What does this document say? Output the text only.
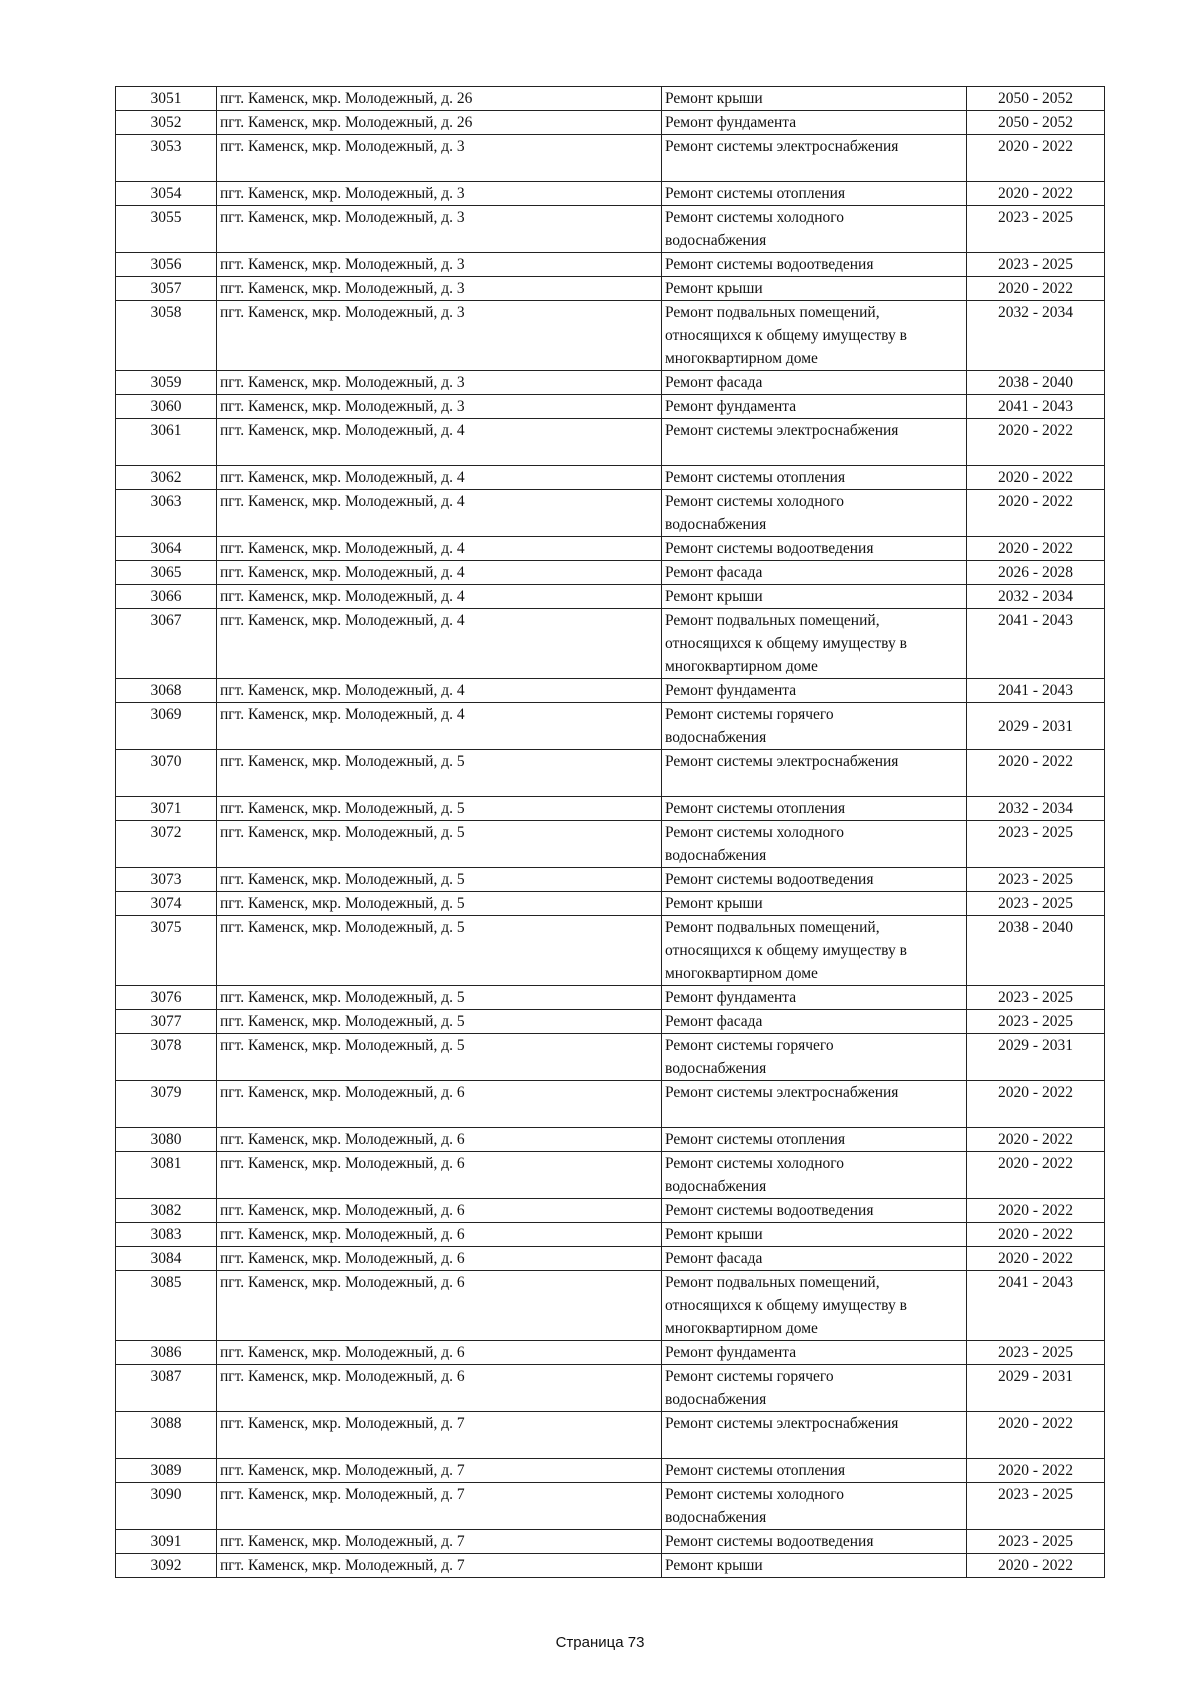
3051	пгт. Каменск, мкр. Молодежный, д. 26	Ремонт крыши	2050 - 2052
3052	пгт. Каменск, мкр. Молодежный, д. 26	Ремонт фундамента	2050 - 2052
3053	пгт. Каменск, мкр. Молодежный, д. 3	Ремонт системы электроснабжения	2020 - 2022
3054	пгт. Каменск, мкр. Молодежный, д. 3	Ремонт системы отопления	2020 - 2022
3055	пгт. Каменск, мкр. Молодежный, д. 3	Ремонт системы холодного
водоснабжения	2023 - 2025
3056	пгт. Каменск, мкр. Молодежный, д. 3	Ремонт системы водоотведения	2023 - 2025
3057	пгт. Каменск, мкр. Молодежный, д. 3	Ремонт крыши	2020 - 2022
3058	пгт. Каменск, мкр. Молодежный, д. 3	Ремонт подвальных помещений,
относящихся к общему имуществу в
многоквартирном доме	2032 - 2034
3059	пгт. Каменск, мкр. Молодежный, д. 3	Ремонт фасада	2038 - 2040
3060	пгт. Каменск, мкр. Молодежный, д. 3	Ремонт фундамента	2041 - 2043
3061	пгт. Каменск, мкр. Молодежный, д. 4	Ремонт системы электроснабжения	2020 - 2022
3062	пгт. Каменск, мкр. Молодежный, д. 4	Ремонт системы отопления	2020 - 2022
3063	пгт. Каменск, мкр. Молодежный, д. 4	Ремонт системы холодного
водоснабжения	2020 - 2022
3064	пгт. Каменск, мкр. Молодежный, д. 4	Ремонт системы водоотведения	2020 - 2022
3065	пгт. Каменск, мкр. Молодежный, д. 4	Ремонт фасада	2026 - 2028
3066	пгт. Каменск, мкр. Молодежный, д. 4	Ремонт крыши	2032 - 2034
3067	пгт. Каменск, мкр. Молодежный, д. 4	Ремонт подвальных помещений,
относящихся к общему имуществу в
многоквартирном доме	2041 - 2043
3068	пгт. Каменск, мкр. Молодежный, д. 4	Ремонт фундамента	2041 - 2043
3069	пгт. Каменск, мкр. Молодежный, д. 4	Ремонт системы горячего
водоснабжения	2029 - 2031
3070	пгт. Каменск, мкр. Молодежный, д. 5	Ремонт системы электроснабжения	2020 - 2022
3071	пгт. Каменск, мкр. Молодежный, д. 5	Ремонт системы отопления	2032 - 2034
3072	пгт. Каменск, мкр. Молодежный, д. 5	Ремонт системы холодного
водоснабжения	2023 - 2025
3073	пгт. Каменск, мкр. Молодежный, д. 5	Ремонт системы водоотведения	2023 - 2025
3074	пгт. Каменск, мкр. Молодежный, д. 5	Ремонт крыши	2023 - 2025
3075	пгт. Каменск, мкр. Молодежный, д. 5	Ремонт подвальных помещений,
относящихся к общему имуществу в
многоквартирном доме	2038 - 2040
3076	пгт. Каменск, мкр. Молодежный, д. 5	Ремонт фундамента	2023 - 2025
3077	пгт. Каменск, мкр. Молодежный, д. 5	Ремонт фасада	2023 - 2025
3078	пгт. Каменск, мкр. Молодежный, д. 5	Ремонт системы горячего
водоснабжения	2029 - 2031
3079	пгт. Каменск, мкр. Молодежный, д. 6	Ремонт системы электроснабжения	2020 - 2022
3080	пгт. Каменск, мкр. Молодежный, д. 6	Ремонт системы отопления	2020 - 2022
3081	пгт. Каменск, мкр. Молодежный, д. 6	Ремонт системы холодного
водоснабжения	2020 - 2022
3082	пгт. Каменск, мкр. Молодежный, д. 6	Ремонт системы водоотведения	2020 - 2022
3083	пгт. Каменск, мкр. Молодежный, д. 6	Ремонт крыши	2020 - 2022
3084	пгт. Каменск, мкр. Молодежный, д. 6	Ремонт фасада	2020 - 2022
3085	пгт. Каменск, мкр. Молодежный, д. 6	Ремонт подвальных помещений,
относящихся к общему имуществу в
многоквартирном доме	2041 - 2043
3086	пгт. Каменск, мкр. Молодежный, д. 6	Ремонт фундамента	2023 - 2025
3087	пгт. Каменск, мкр. Молодежный, д. 6	Ремонт системы горячего
водоснабжения	2029 - 2031
3088	пгт. Каменск, мкр. Молодежный, д. 7	Ремонт системы электроснабжения	2020 - 2022
3089	пгт. Каменск, мкр. Молодежный, д. 7	Ремонт системы отопления	2020 - 2022
3090	пгт. Каменск, мкр. Молодежный, д. 7	Ремонт системы холодного
водоснабжения	2023 - 2025
3091	пгт. Каменск, мкр. Молодежный, д. 7	Ремонт системы водоотведения	2023 - 2025
3092	пгт. Каменск, мкр. Молодежный, д. 7	Ремонт крыши	2020 - 2022
Страница 73
